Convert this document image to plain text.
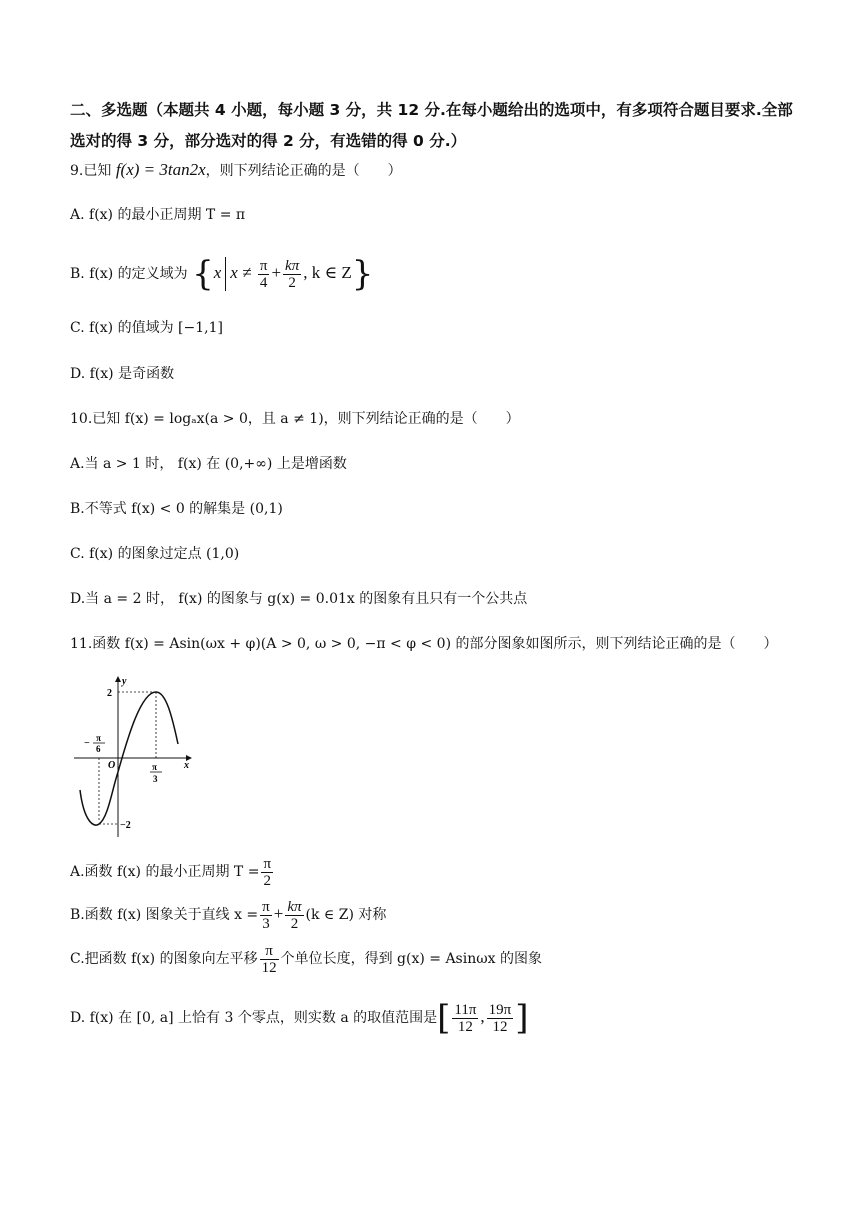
二、多选题（本题共 4 小题，每小题 3 分，共 12 分.在每小题给出的选项中，有多项符合题目要求.全部选对的得 3 分，部分选对的得 2 分，有选错的得 0 分.）
9.已知 f(x) = 3tan2x，则下列结论正确的是（　　）
A. f(x) 的最小正周期 T = π
B. f(x) 的定义域为 {x $x \ne \frac{\pi}{4} + \frac{k\pi}{2}$ , k ∈ Z}
C. f(x) 的值域为 [−1,1]
D. f(x) 是奇函数
10.已知 f(x) = logₐx(a > 0，且 a ≠ 1)，则下列结论正确的是（　　）
A.当 a > 1 时， f(x) 在 (0,+∞) 上是增函数
B.不等式 f(x) < 0 的解集是 (0,1)
C. f(x) 的图象过定点 (1,0)
D.当 a = 2 时， f(x) 的图象与 g(x) = 0.01x 的图象有且只有一个公共点
11.函数 f(x) = Asin(ωx + φ)(A > 0, ω > 0, −π < φ < 0) 的部分图象如图所示，则下列结论正确的是（　　）
y
x
O
2
−2
− π
6
π
3
A.函数 f(x) 的最小正周期 $T = \frac{\pi}{2}$
B.函数 f(x) 图象关于直线 $x = \frac{\pi}{3} + \frac{k\pi}{2} (k$ ∈ Z) 对称
C.把函数 f(x) 的图象向左平移 $\frac{\pi}{12}$ 个单位长度，得到 g(x) = Asinωx 的图象
D. f(x) 在 [0, a] 上恰有 3 个零点，则实数 a 的取值范围是[ $\frac{11\pi}{12}$ , $\frac{19\pi}{12}$ ]
